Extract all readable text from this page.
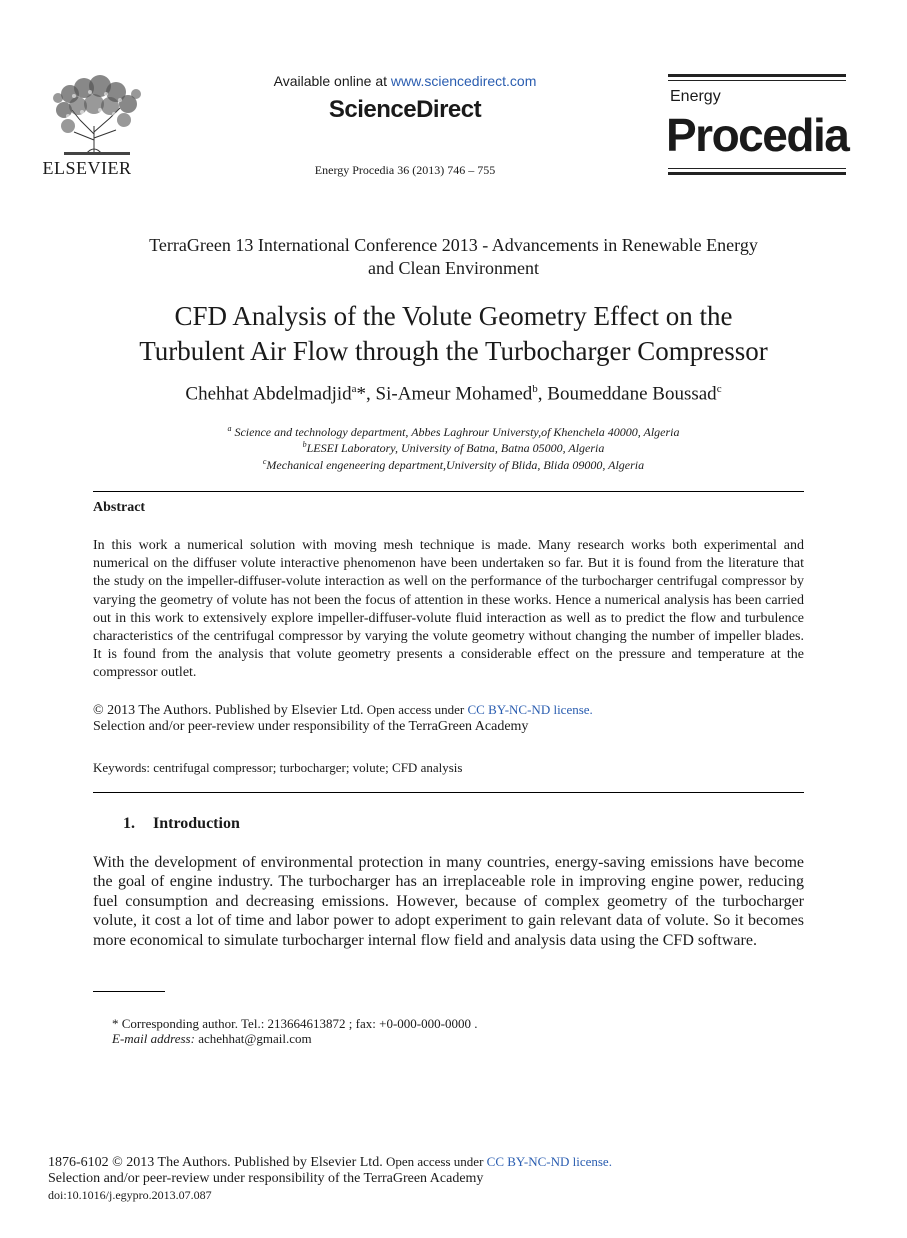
ELSEVIER
Available online at www.sciencedirect.com
ScienceDirect
Energy Procedia 36 (2013) 746 – 755
Energy
Procedia
TerraGreen 13 International Conference 2013 - Advancements in Renewable Energy
and Clean Environment
CFD Analysis of the Volute Geometry Effect on the
Turbulent Air Flow through the Turbocharger Compressor
Chehhat Abdelmadjid$^a$*, Si-Ameur Mohamed$^b$, Boumeddane Boussad$^c$
$^a$ Science and technology department, Abbes Laghrour Universty,of Khenchela 40000, Algeria
$^b$LESEI Laboratory, University of Batna, Batna 05000, Algeria
$^c$Mechanical engeneering department,University of Blida, Blida 09000, Algeria
Abstract
In this work a numerical solution with moving mesh technique is made. Many research works both experimental and numerical on the diffuser volute interactive phenomenon have been undertaken so far. But it is found from the literature that the study on the impeller-diffuser-volute interaction as well on the performance of the turbocharger centrifugal compressor by varying the geometry of volute has not been the focus of attention in these works. Hence a numerical analysis has been carried out in this work to extensively explore impeller-diffuser-volute fluid interaction as well as to predict the flow and turbulence characteristics of the centrifugal compressor by varying the volute geometry without changing the number of impeller blades. It is found from the analysis that volute geometry presents a considerable effect on the pressure and temperature at the compressor outlet.
© 2013 The Authors. Published by Elsevier Ltd. Open access under CC BY-NC-ND license.
Selection and/or peer-review under responsibility of the TerraGreen Academy
Keywords: centrifugal compressor; turbocharger; volute; CFD analysis
1. Introduction
With the development of environmental protection in many countries, energy-saving emissions have become the goal of engine industry. The turbocharger has an irreplaceable role in improving engine power, reducing fuel consumption and decreasing emissions. However, because of complex geometry of the turbocharger volute, it cost a lot of time and labor power to adopt experiment to gain relevant data of volute. So it becomes more economical to simulate turbocharger internal flow field and analysis data using the CFD software.
* Corresponding author. Tel.: 213664613872 ; fax: +0-000-000-0000 .
E-mail address: achehhat@gmail.com
1876-6102 © 2013 The Authors. Published by Elsevier Ltd. Open access under CC BY-NC-ND license.
Selection and/or peer-review under responsibility of the TerraGreen Academy
doi:10.1016/j.egypro.2013.07.087
